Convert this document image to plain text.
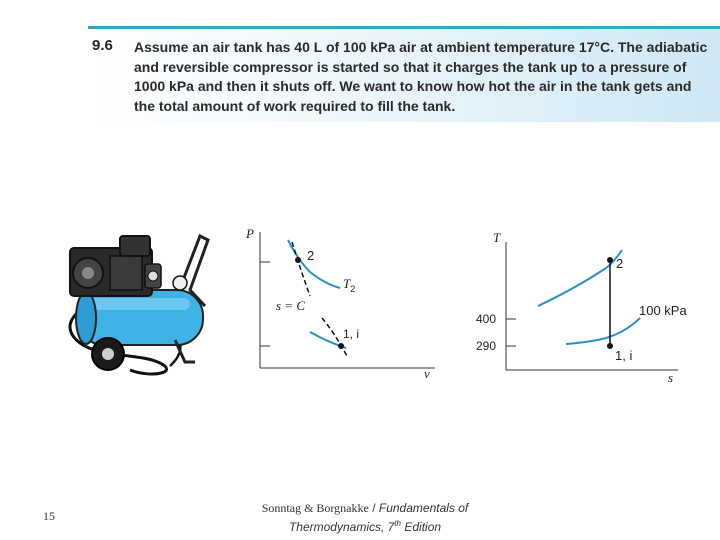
9.6 Assume an air tank has 40 L of 100 kPa air at ambient temperature 17°C. The adiabatic and reversible compressor is started so that it charges the tank up to a pressure of 1000 kPa and then it shuts off. We want to know how hot the air in the tank gets and the total amount of work required to fill the tank.
P
v
2
$T_2$
s = C
1, i
T
s
400
290
2
100 kPa
1, i
15
Sonntag & Borgnakke / Fundamentals of
Thermodynamics, 7th Edition
